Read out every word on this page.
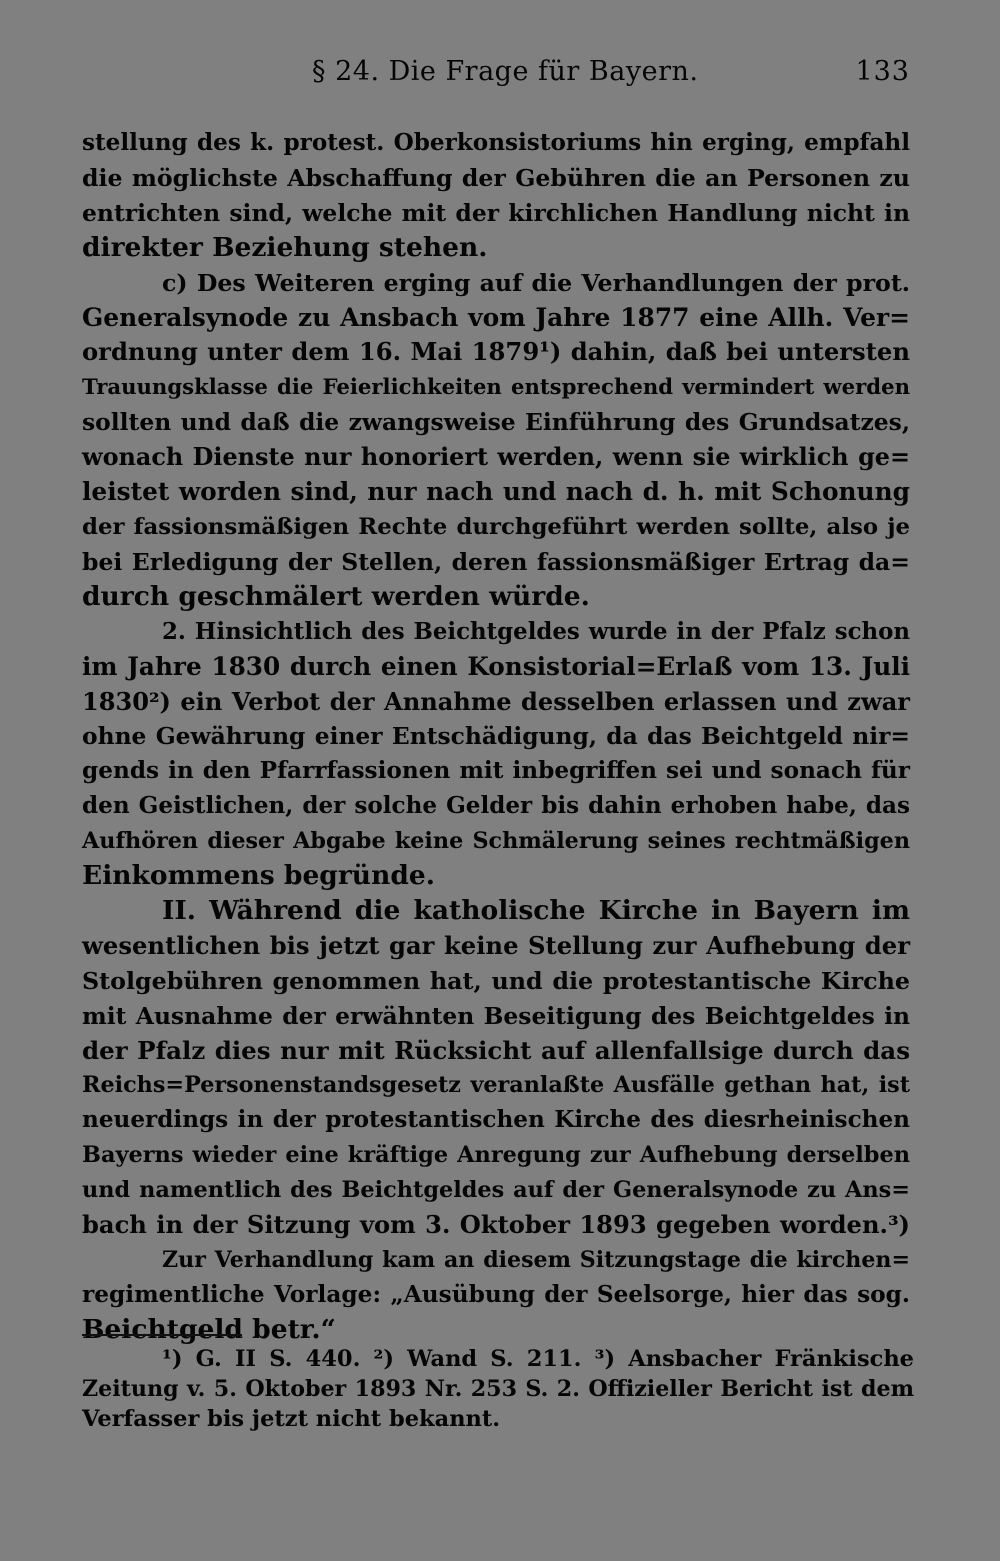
§ 24. Die Frage für Bayern.	133
stellung des k. protest. Oberkonsistoriums hin erging, empfahl
die möglichste Abschaffung der Gebühren die an Personen zu
entrichten sind, welche mit der kirchlichen Handlung nicht in
direkter Beziehung stehen.
c) Des Weiteren erging auf die Verhandlungen der prot.
Generalsynode zu Ansbach vom Jahre 1877 eine Allh. Ver=
ordnung unter dem 16. Mai 1879¹) dahin, daß bei untersten
Trauungsklasse die Feierlichkeiten entsprechend vermindert werden
sollten und daß die zwangsweise Einführung des Grundsatzes,
wonach Dienste nur honoriert werden, wenn sie wirklich ge=
leistet worden sind, nur nach und nach d. h. mit Schonung
der fassionsmäßigen Rechte durchgeführt werden sollte, also je
bei Erledigung der Stellen, deren fassionsmäßiger Ertrag da=
durch geschmälert werden würde.
2. Hinsichtlich des Beichtgeldes wurde in der Pfalz schon
im Jahre 1830 durch einen Konsistorial=Erlaß vom 13. Juli
1830²) ein Verbot der Annahme desselben erlassen und zwar
ohne Gewährung einer Entschädigung, da das Beichtgeld nir=
gends in den Pfarrfassionen mit inbegriffen sei und sonach für
den Geistlichen, der solche Gelder bis dahin erhoben habe, das
Aufhören dieser Abgabe keine Schmälerung seines rechtmäßigen
Einkommens begründe.
II. Während die katholische Kirche in Bayern im
wesentlichen bis jetzt gar keine Stellung zur Aufhebung der
Stolgebühren genommen hat, und die protestantische Kirche
mit Ausnahme der erwähnten Beseitigung des Beichtgeldes in
der Pfalz dies nur mit Rücksicht auf allenfallsige durch das
Reichs=Personenstandsgesetz veranlaßte Ausfälle gethan hat, ist
neuerdings in der protestantischen Kirche des diesrheinischen
Bayerns wieder eine kräftige Anregung zur Aufhebung derselben
und namentlich des Beichtgeldes auf der Generalsynode zu Ans=
bach in der Sitzung vom 3. Oktober 1893 gegeben worden.³)
Zur Verhandlung kam an diesem Sitzungstage die kirchen=
regimentliche Vorlage: „Ausübung der Seelsorge, hier das sog.
Beichtgeld betr.“
¹) G. II S. 440. ²) Wand S. 211. ³) Ansbacher Fränkische
Zeitung v. 5. Oktober 1893 Nr. 253 S. 2. Offizieller Bericht ist dem
Verfasser bis jetzt nicht bekannt.
